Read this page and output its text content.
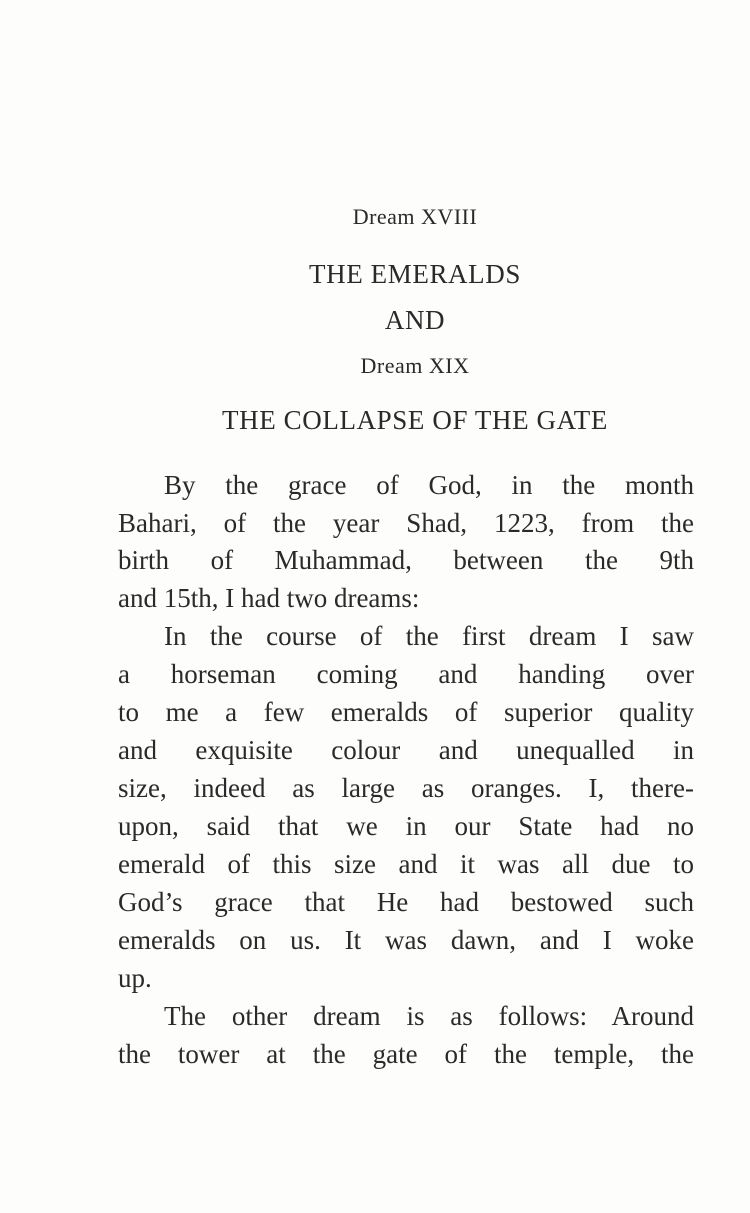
Dream XVIII
THE EMERALDS
AND
Dream XIX
THE COLLAPSE OF THE GATE
By the grace of God, in the month
Bahari, of the year Shad, 1223, from the
birth of Muhammad, between the 9th
and 15th, I had two dreams:
In the course of the first dream I saw
a horseman coming and handing over
to me a few emeralds of superior quality
and exquisite colour and unequalled in
size, indeed as large as oranges. I, there-
upon, said that we in our State had no
emerald of this size and it was all due to
God’s grace that He had bestowed such
emeralds on us. It was dawn, and I woke
up.
The other dream is as follows: Around
the tower at the gate of the temple, the
